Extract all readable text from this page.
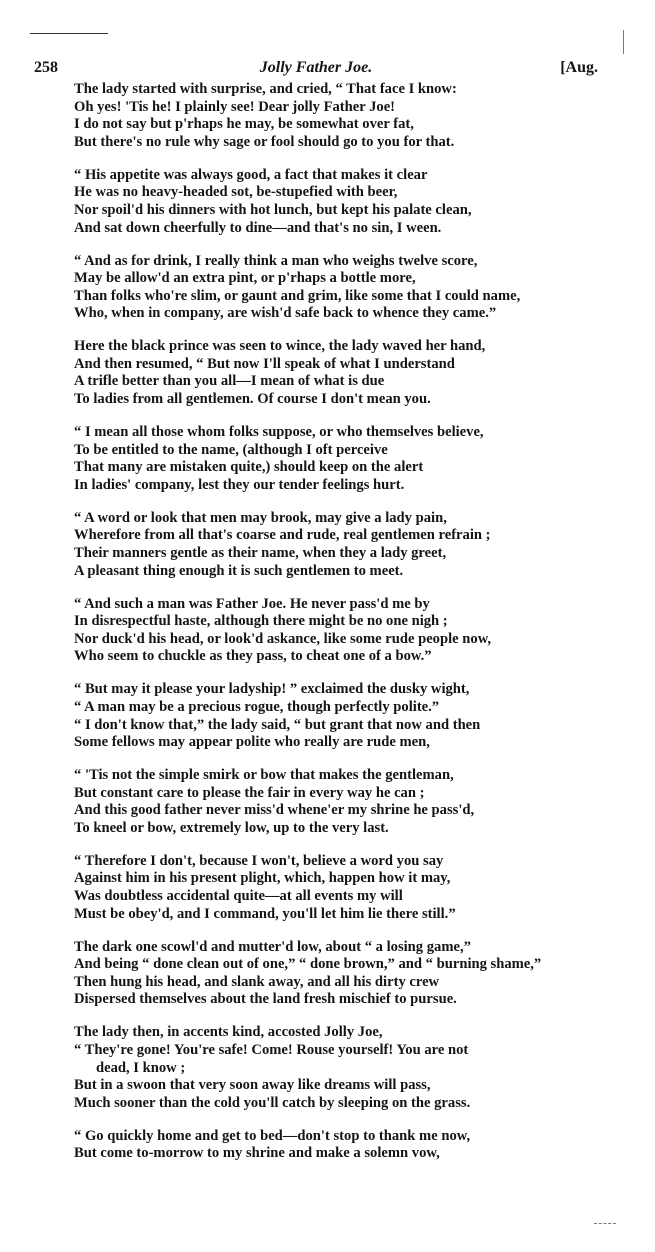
258	Jolly Father Joe.	[Aug.
The lady started with surprise, and cried, “ That face I know:
Oh yes! 'Tis he! I plainly see! Dear jolly Father Joe!
I do not say but p'rhaps he may, be somewhat over fat,
But there's no rule why sage or fool should go to you for that.
“ His appetite was always good, a fact that makes it clear
He was no heavy-headed sot, be-stupefied with beer,
Nor spoil'd his dinners with hot lunch, but kept his palate clean,
And sat down cheerfully to dine—and that's no sin, I ween.
“ And as for drink, I really think a man who weighs twelve score,
May be allow'd an extra pint, or p'rhaps a bottle more,
Than folks who're slim, or gaunt and grim, like some that I could name,
Who, when in company, are wish'd safe back to whence they came.”
Here the black prince was seen to wince, the lady waved her hand,
And then resumed, “ But now I'll speak of what I understand
A trifle better than you all—I mean of what is due
To ladies from all gentlemen. Of course I don't mean you.
“ I mean all those whom folks suppose, or who themselves believe,
To be entitled to the name, (although I oft perceive
That many are mistaken quite,) should keep on the alert
In ladies' company, lest they our tender feelings hurt.
“ A word or look that men may brook, may give a lady pain,
Wherefore from all that's coarse and rude, real gentlemen refrain ;
Their manners gentle as their name, when they a lady greet,
A pleasant thing enough it is such gentlemen to meet.
“ And such a man was Father Joe. He never pass'd me by
In disrespectful haste, although there might be no one nigh ;
Nor duck'd his head, or look'd askance, like some rude people now,
Who seem to chuckle as they pass, to cheat one of a bow.”
“ But may it please your ladyship! ” exclaimed the dusky wight,
“ A man may be a precious rogue, though perfectly polite.”
“ I don't know that,” the lady said, “ but grant that now and then
Some fellows may appear polite who really are rude men,
“ 'Tis not the simple smirk or bow that makes the gentleman,
But constant care to please the fair in every way he can ;
And this good father never miss'd whene'er my shrine he pass'd,
To kneel or bow, extremely low, up to the very last.
“ Therefore I don't, because I won't, believe a word you say
Against him in his present plight, which, happen how it may,
Was doubtless accidental quite—at all events my will
Must be obey'd, and I command, you'll let him lie there still.”
The dark one scowl'd and mutter'd low, about “ a losing game,”
And being “ done clean out of one,” “ done brown,” and “ burning shame,”
Then hung his head, and slank away, and all his dirty crew
Dispersed themselves about the land fresh mischief to pursue.
The lady then, in accents kind, accosted Jolly Joe,
“ They're gone! You're safe! Come! Rouse yourself! You are not
dead, I know ;
But in a swoon that very soon away like dreams will pass,
Much sooner than the cold you'll catch by sleeping on the grass.
“ Go quickly home and get to bed—don't stop to thank me now,
But come to-morrow to my shrine and make a solemn vow,
